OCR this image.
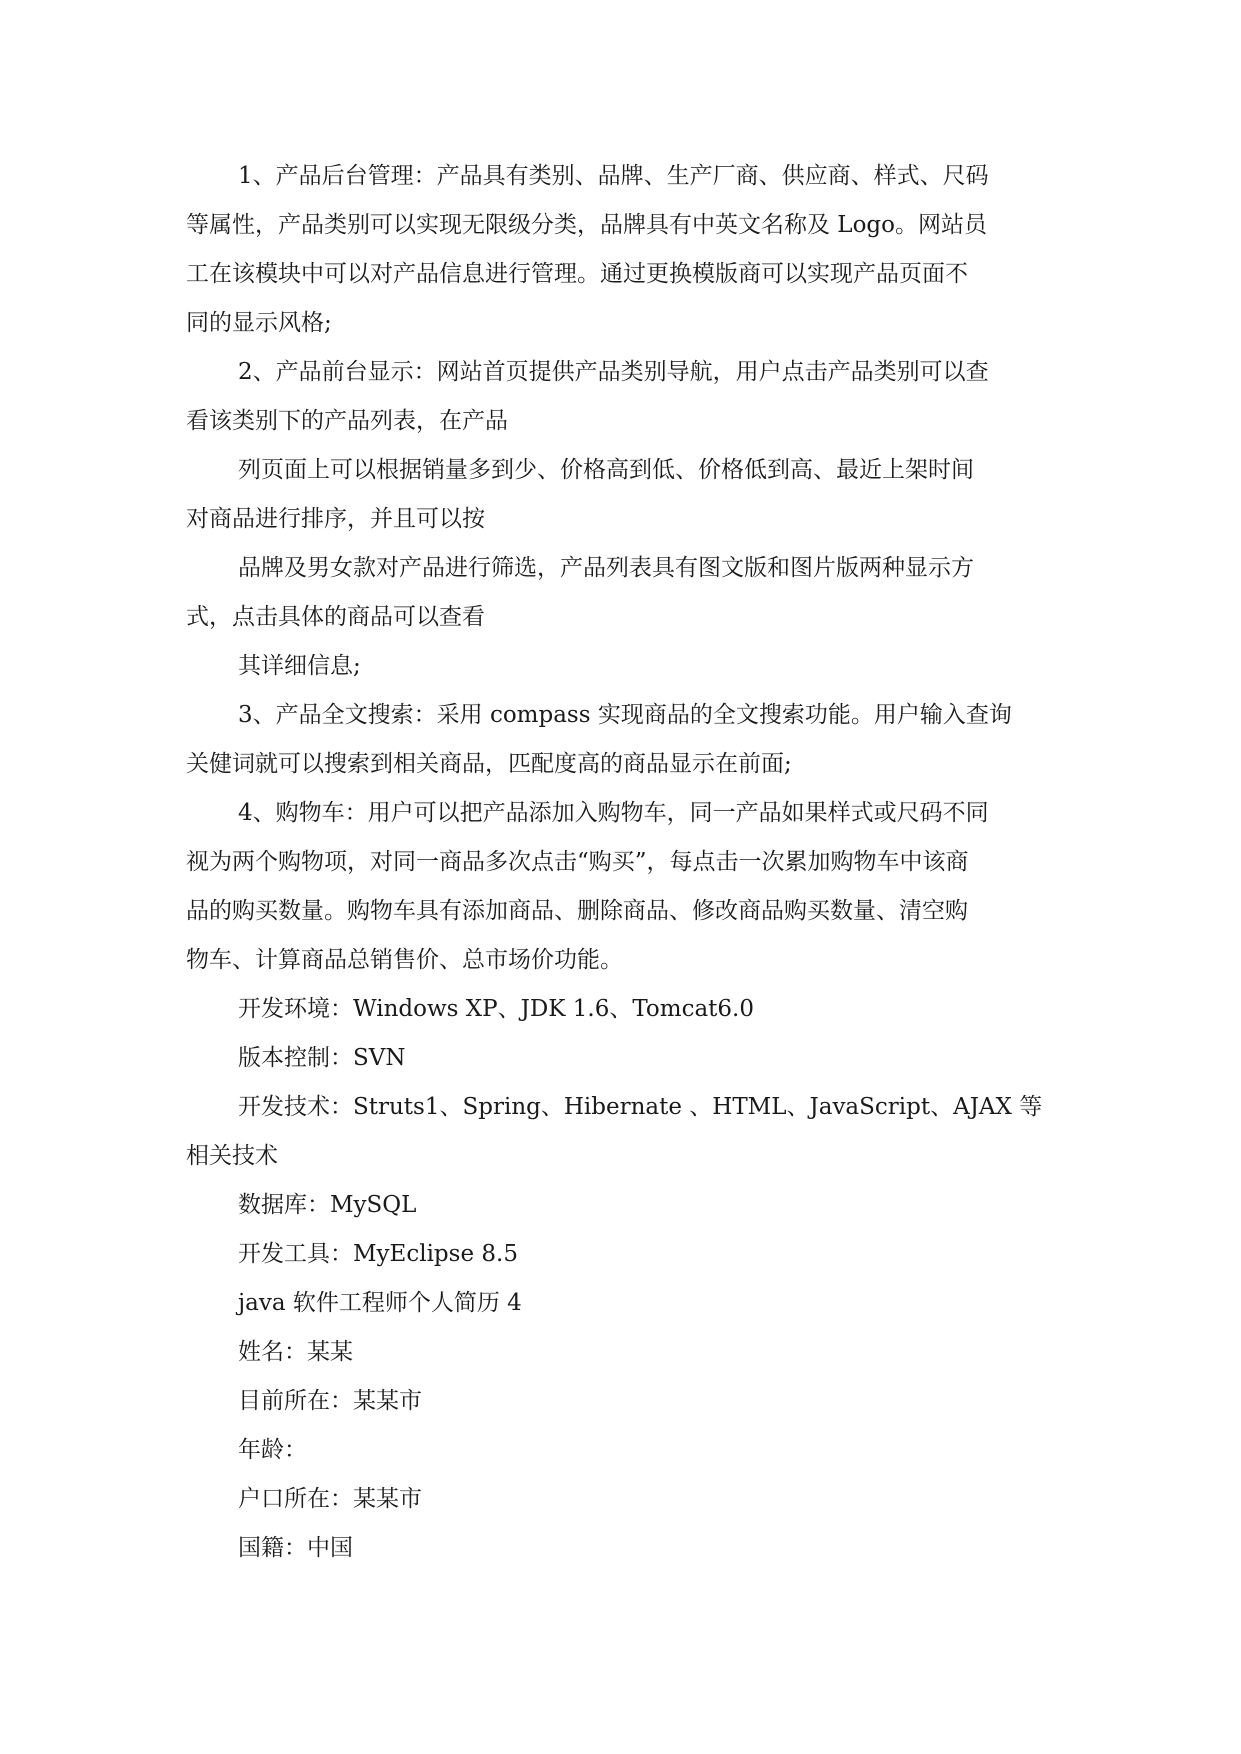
1、产品后台管理：产品具有类别、品牌、生产厂商、供应商、样式、尺码

等属性，产品类别可以实现无限级分类，品牌具有中英文名称及 Logo。网站员

工在该模块中可以对产品信息进行管理。通过更换模版商可以实现产品页面不

同的显示风格;

2、产品前台显示：网站首页提供产品类别导航，用户点击产品类别可以查

看该类别下的产品列表，在产品

列页面上可以根据销量多到少、价格高到低、价格低到高、最近上架时间

对商品进行排序，并且可以按

品牌及男女款对产品进行筛选，产品列表具有图文版和图片版两种显示方

式，点击具体的商品可以查看

其详细信息;

3、产品全文搜索：采用 compass 实现商品的全文搜索功能。用户输入查询

关健词就可以搜索到相关商品，匹配度高的商品显示在前面;

4、购物车：用户可以把产品添加入购物车，同一产品如果样式或尺码不同

视为两个购物项，对同一商品多次点击“购买”，每点击一次累加购物车中该商

品的购买数量。购物车具有添加商品、删除商品、修改商品购买数量、清空购

物车、计算商品总销售价、总市场价功能。

开发环境：Windows XP、JDK 1.6、Tomcat6.0

版本控制：SVN

开发技术：Struts1、Spring、Hibernate 、HTML、JavaScript、AJAX 等

相关技术

数据库：MySQL

开发工具：MyEclipse 8.5

java 软件工程师个人简历 4

姓名：某某

目前所在：某某市

年龄：

户口所在：某某市

国籍：中国
